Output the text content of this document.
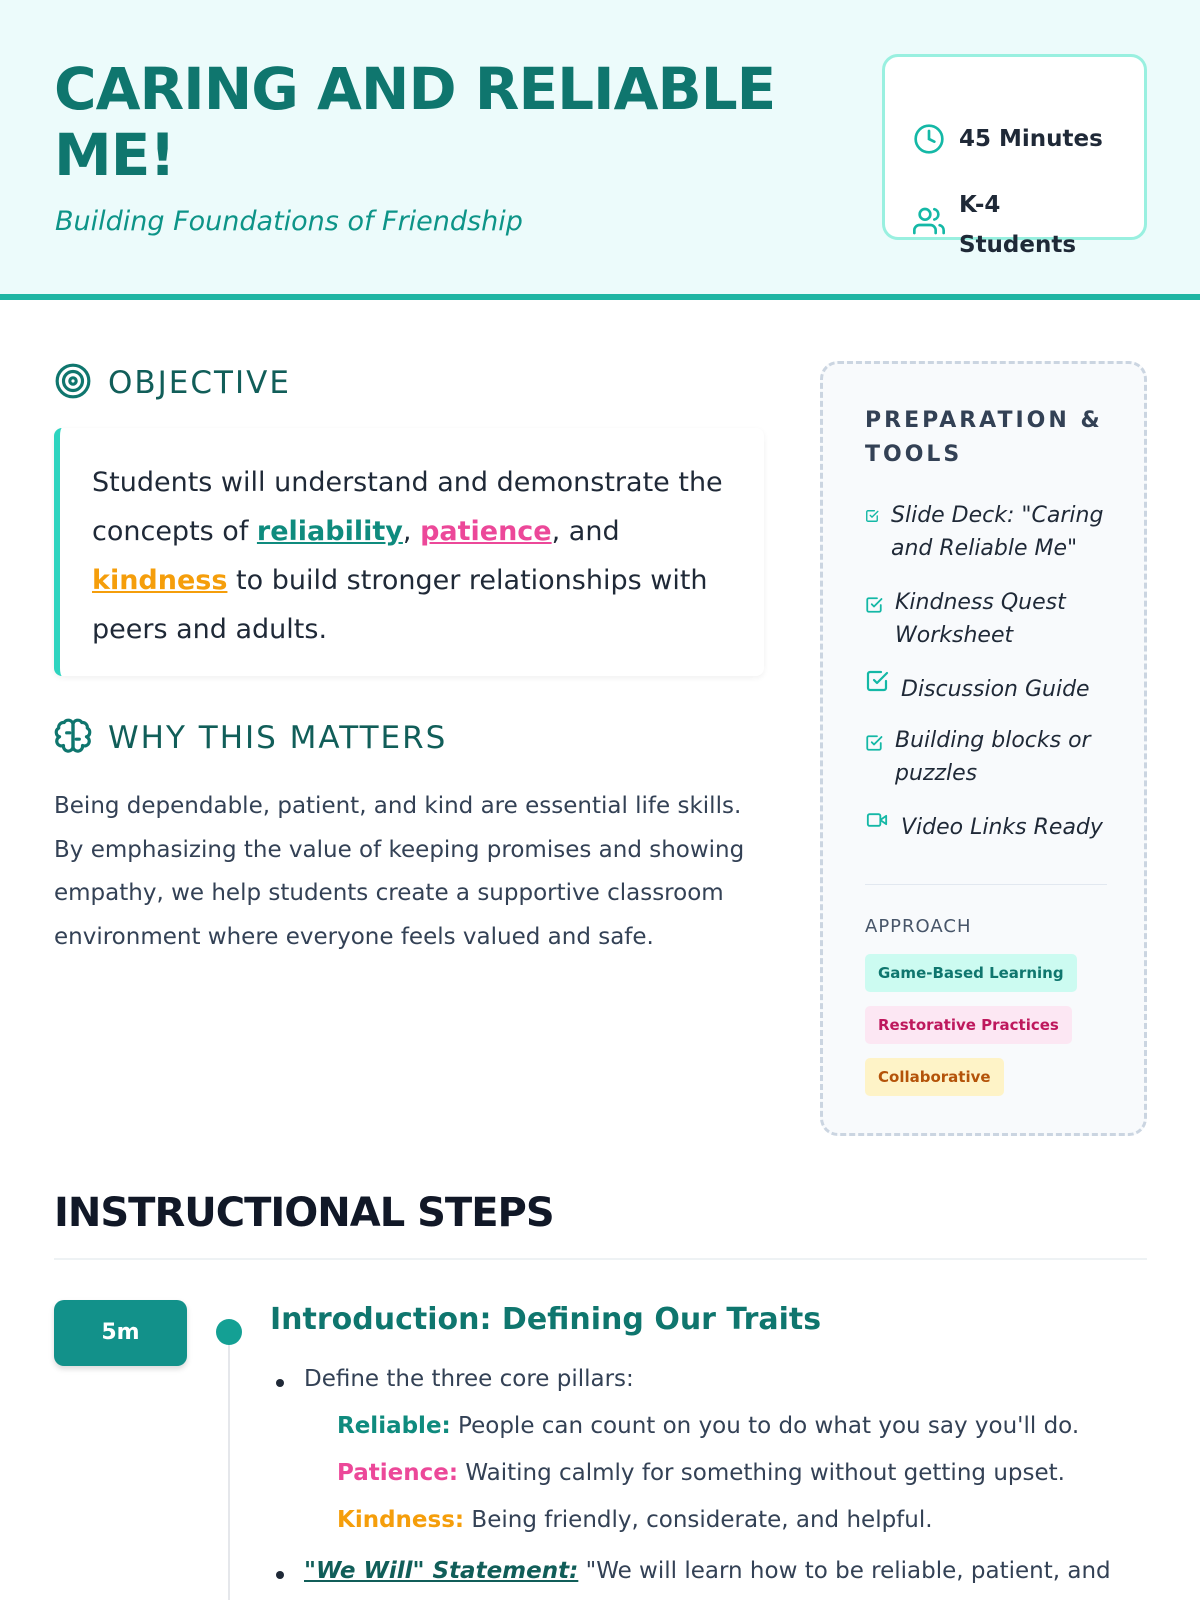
CARING AND RELIABLE ME!
Building Foundations of Friendship
45 Minutes
K-4 Students
OBJECTIVE
Students will understand and demonstrate the concepts of reliability, patience, and kindness to build stronger relationships with peers and adults.
WHY THIS MATTERS

Being dependable, patient, and kind are essential life skills. By emphasizing the value of keeping promises and showing empathy, we help students create a supportive classroom environment where everyone feels valued and safe.

PREPARATION & TOOLS
Slide Deck: "Caring and Reliable Me"
Kindness Quest Worksheet
Discussion Guide
Building blocks or puzzles
Video Links Ready
APPROACH
Game-Based Learning
Restorative Practices
Collaborative
INSTRUCTIONAL STEPS
5m	Introduction: Defining Our Traits
Define the three core pillars:
Reliable: People can count on you to do what you say you'll do.
Patience: Waiting calmly for something without getting upset.
Kindness: Being friendly, considerate, and helpful.
"We Will" Statement: "We will learn how to be reliable, patient, and
